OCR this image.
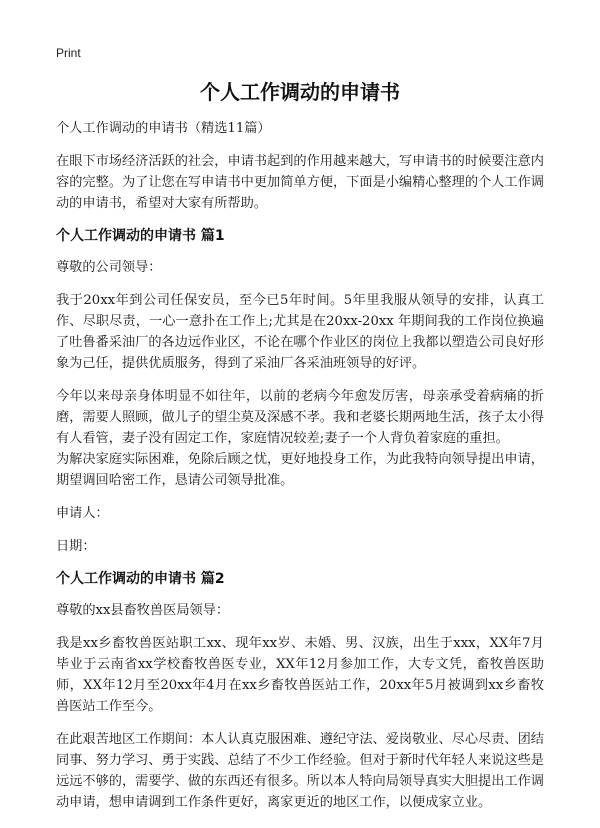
Print
个人工作调动的申请书

个人工作调动的申请书（精选11篇）

在眼下市场经济活跃的社会，申请书起到的作用越来越大，写申请书的时候要注意内容的完整。为了让您在写申请书中更加简单方便，下面是小编精心整理的个人工作调动的申请书，希望对大家有所帮助。

个人工作调动的申请书 篇1

尊敬的公司领导：

我于20xx年到公司任保安员，至今已5年时间。5年里我服从领导的安排，认真工作、尽职尽责，一心一意扑在工作上;尤其是在20xx-20xx 年期间我的工作岗位换遍了吐鲁番采油厂的各边远作业区，不论在哪个作业区的岗位上我都以塑造公司良好形象为己任，提供优质服务，得到了采油厂各采油班领导的好评。

今年以来母亲身体明显不如往年，以前的老病今年愈发厉害，母亲承受着病痛的折磨，需要人照顾，做儿子的望尘莫及深感不孝。我和老婆长期两地生活，孩子太小得有人看管，妻子没有固定工作，家庭情况较差;妻子一个人背负着家庭的重担。

为解决家庭实际困难，免除后顾之忧，更好地投身工作，为此我特向领导提出申请，期望调回哈密工作，恳请公司领导批准。

申请人：

日期：

个人工作调动的申请书 篇2

尊敬的xx县畜牧兽医局领导：

我是xx乡畜牧兽医站职工xx、现年xx岁、未婚、男、汉族，出生于xxx，XX年7月毕业于云南省xx学校畜牧兽医专业，XX年12月参加工作，大专文凭，畜牧兽医助师，XX年12月至20xx年4月在xx乡畜牧兽医站工作，20xx年5月被调到xx乡畜牧兽医站工作至今。

在此艰苦地区工作期间：本人认真克服困难、遵纪守法、爱岗敬业、尽心尽责、团结同事、努力学习、勇于实践、总结了不少工作经验。但对于新时代年轻人来说这些是远远不够的，需要学、做的东西还有很多。所以本人特向局领导真实大胆提出工作调动申请，想申请调到工作条件更好，离家更近的地区工作，以便成家立业。
